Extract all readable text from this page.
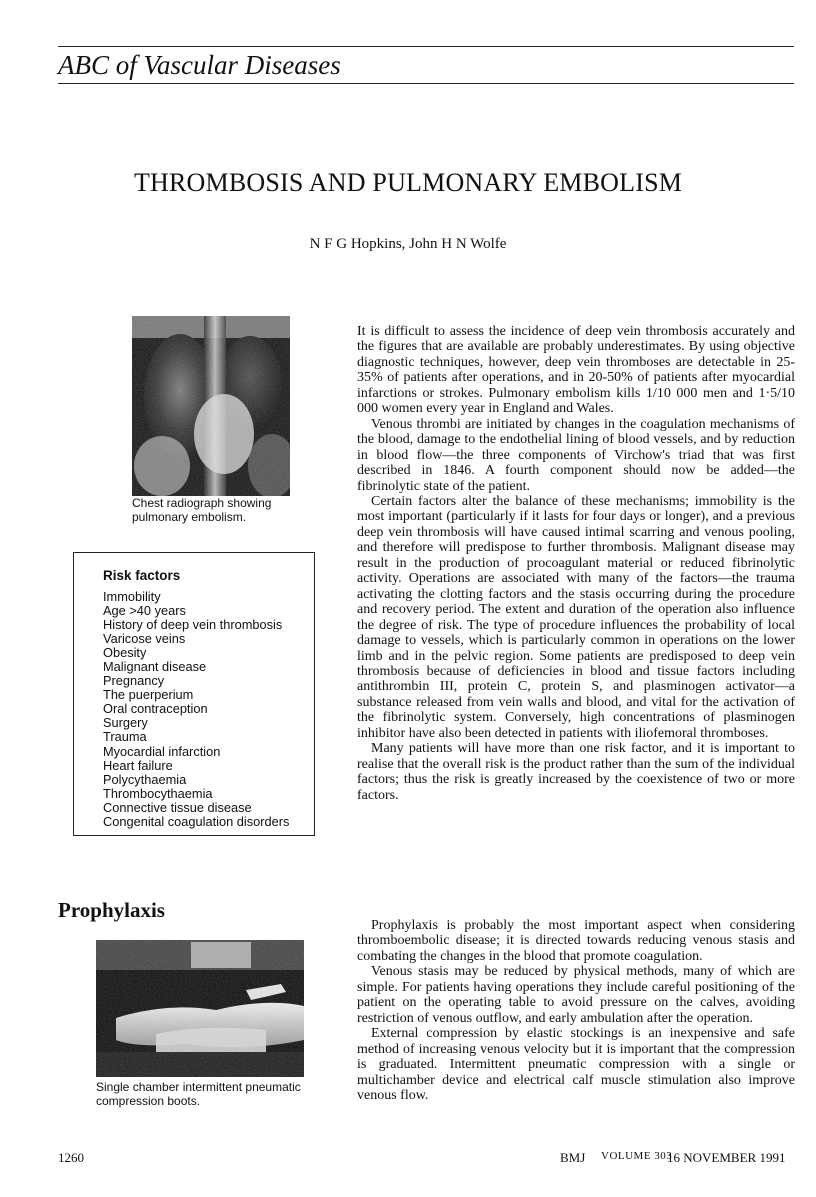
ABC of Vascular Diseases
THROMBOSIS AND PULMONARY EMBOLISM
N F G Hopkins, John H N Wolfe
Chest radiograph showing pulmonary embolism.
Risk factors
Immobility
Age >40 years
History of deep vein thrombosis
Varicose veins
Obesity
Malignant disease
Pregnancy
The puerperium
Oral contraception
Surgery
Trauma
Myocardial infarction
Heart failure
Polycythaemia
Thrombocythaemia
Connective tissue disease
Congenital coagulation disorders

It is difficult to assess the incidence of deep vein thrombosis accurately and the figures that are available are probably underestimates. By using objective diagnostic techniques, however, deep vein thromboses are detectable in 25-35% of patients after operations, and in 20-50% of patients after myocardial infarctions or strokes. Pulmonary embolism kills 1/10 000 men and 1·5/10 000 women every year in England and Wales.

Venous thrombi are initiated by changes in the coagulation mechanisms of the blood, damage to the endothelial lining of blood vessels, and by reduction in blood flow—the three components of Virchow's triad that was first described in 1846. A fourth component should now be added—the fibrinolytic state of the patient.

Certain factors alter the balance of these mechanisms; immobility is the most important (particularly if it lasts for four days or longer), and a previous deep vein thrombosis will have caused intimal scarring and venous pooling, and therefore will predispose to further thrombosis. Malignant disease may result in the production of procoagulant material or reduced fibrinolytic activity. Operations are associated with many of the factors—the trauma activating the clotting factors and the stasis occurring during the procedure and recovery period. The extent and duration of the operation also influence the degree of risk. The type of procedure influences the probability of local damage to vessels, which is particularly common in operations on the lower limb and in the pelvic region. Some patients are predisposed to deep vein thrombosis because of deficiencies in blood and tissue factors including antithrombin III, protein C, protein S, and plasminogen activator—a substance released from vein walls and blood, and vital for the activation of the fibrinolytic system. Conversely, high concentrations of plasminogen inhibitor have also been detected in patients with iliofemoral thromboses.

Many patients will have more than one risk factor, and it is important to realise that the overall risk is the product rather than the sum of the individual factors; thus the risk is greatly increased by the coexistence of two or more factors.

Prophylaxis
Single chamber intermittent pneumatic compression boots.

Prophylaxis is probably the most important aspect when considering thromboembolic disease; it is directed towards reducing venous stasis and combating the changes in the blood that promote coagulation.

Venous stasis may be reduced by physical methods, many of which are simple. For patients having operations they include careful positioning of the patient on the operating table to avoid pressure on the calves, avoiding restriction of venous outflow, and early ambulation after the operation.

External compression by elastic stockings is an inexpensive and safe method of increasing venous velocity but it is important that the compression is graduated. Intermittent pneumatic compression with a single or multichamber device and electrical calf muscle stimulation also improve venous flow.

1260	BMJ VOLUME 303
16 NOVEMBER 1991
